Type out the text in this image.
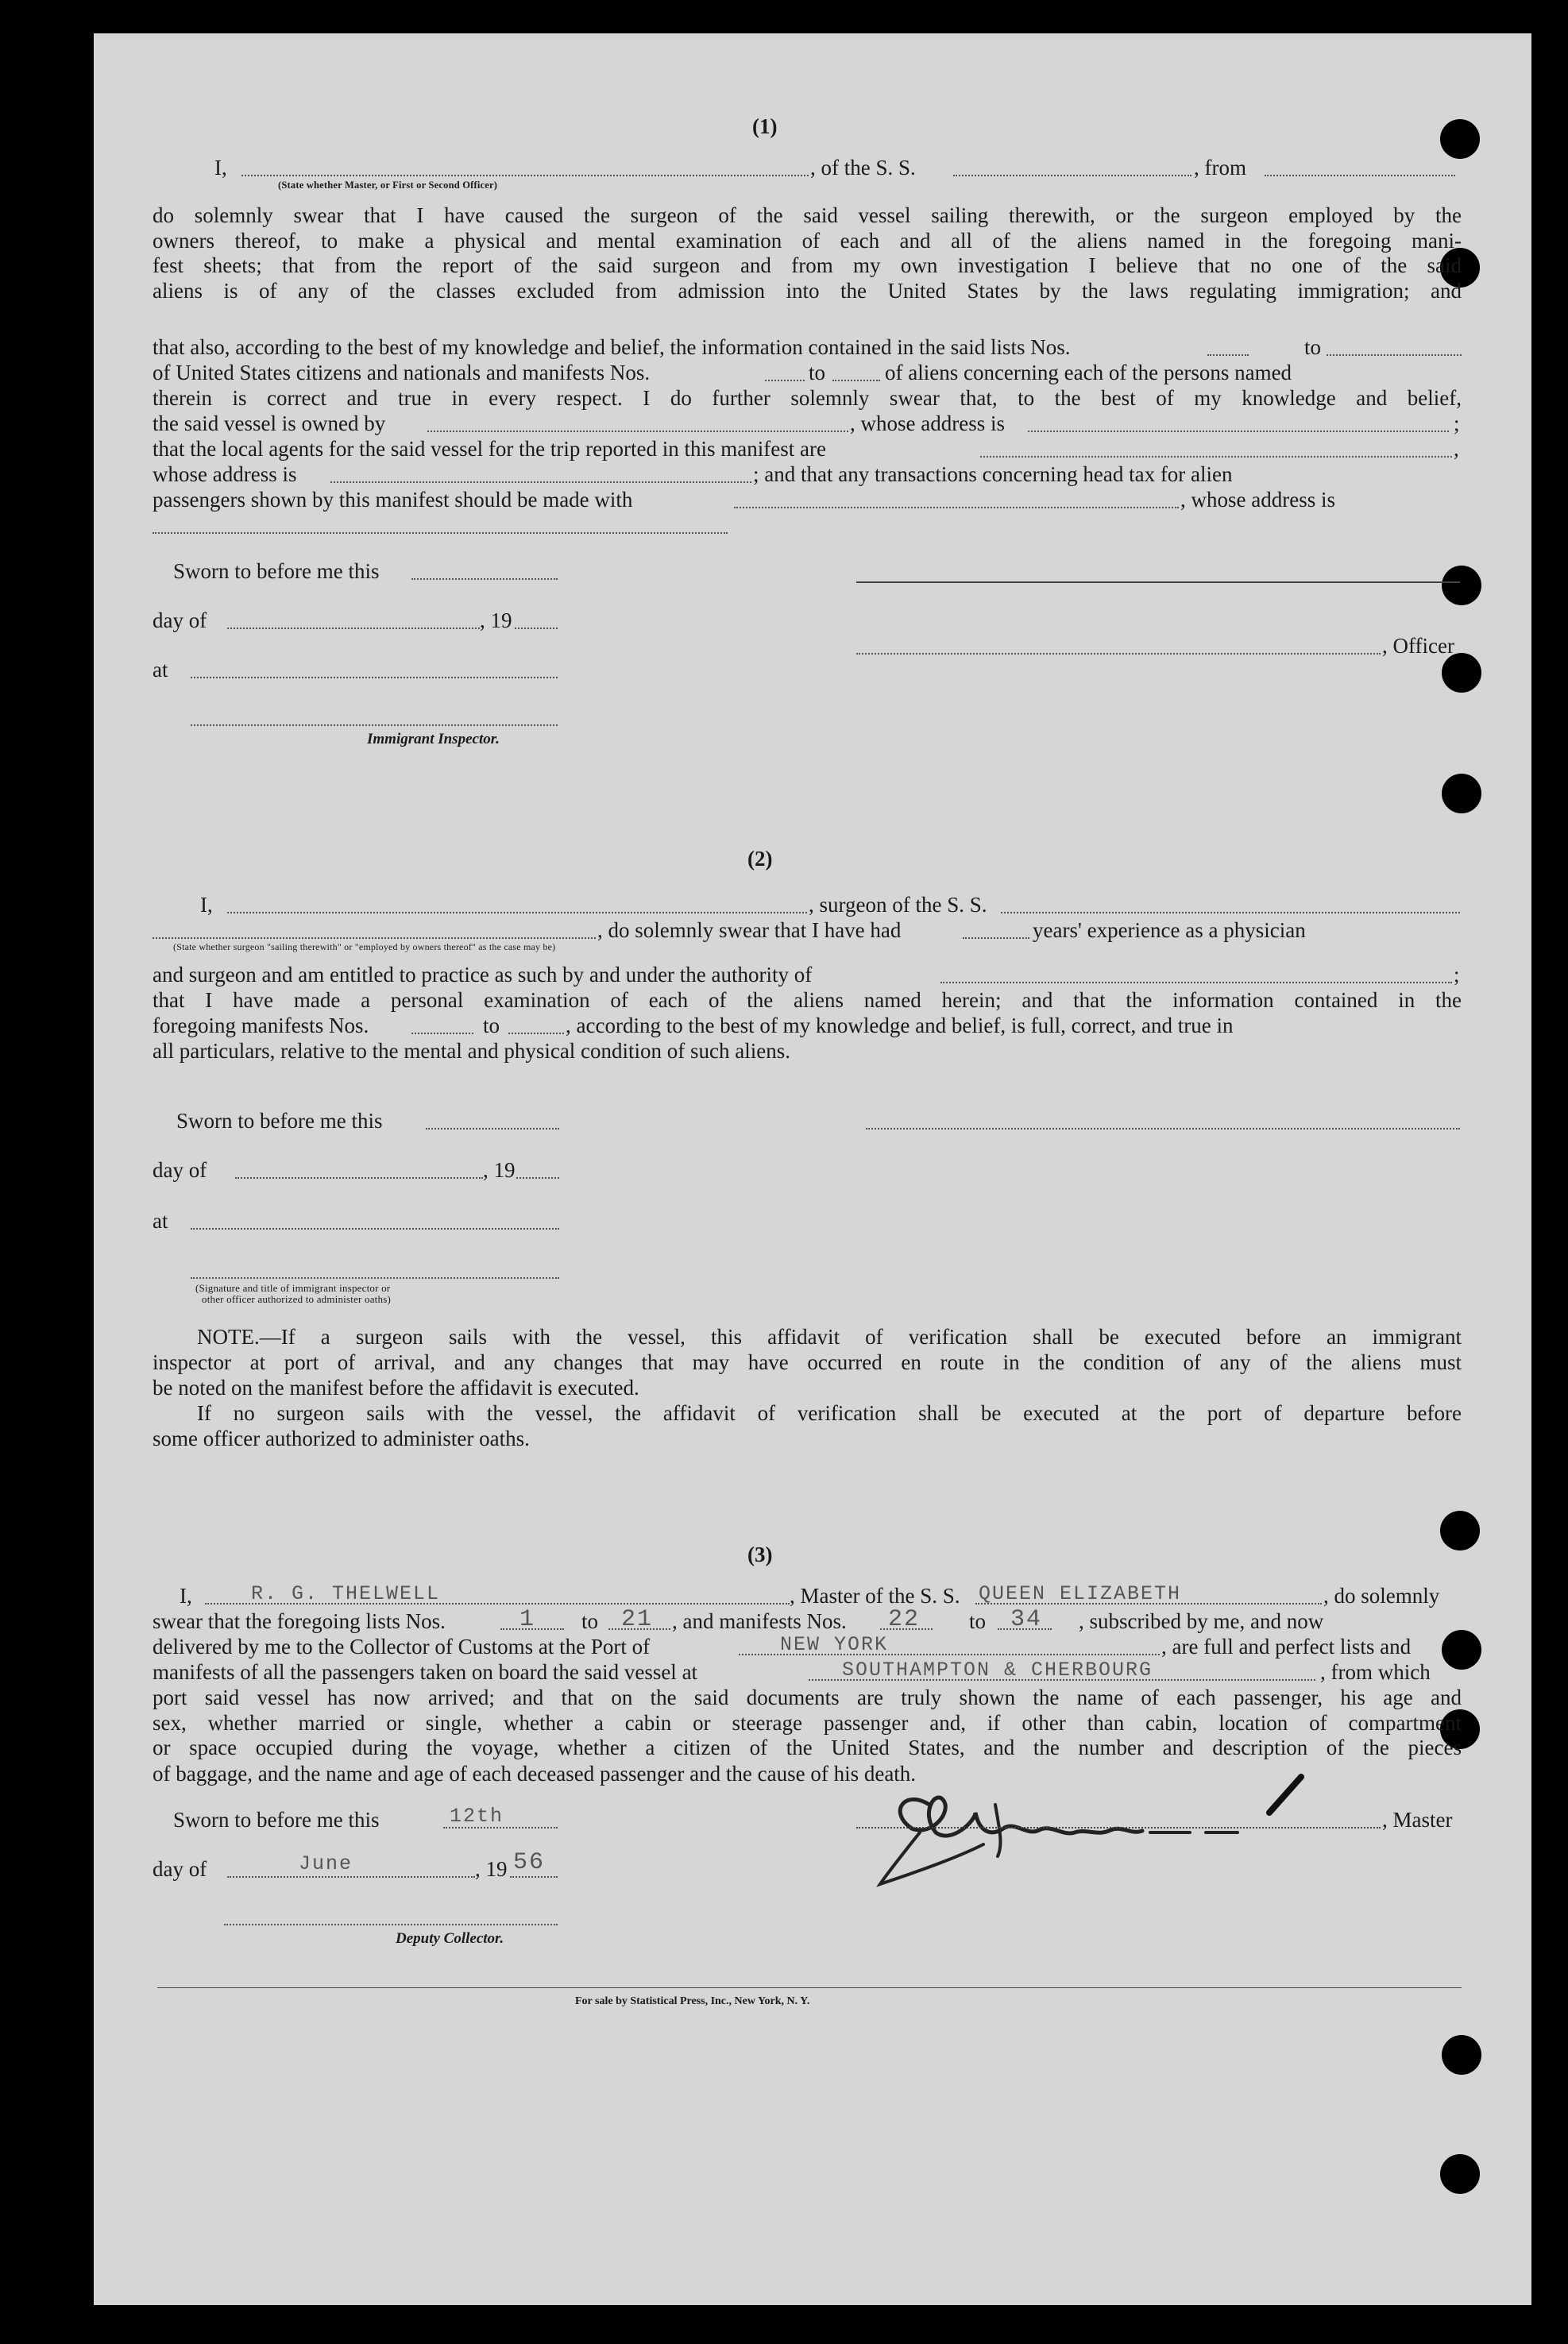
(1)
I,	, of the S. S.	, from
(State whether Master, or First or Second Officer)
do solemnly swear that I have caused the surgeon of the said vessel sailing therewith, or the surgeon employed by the
owners thereof, to make a physical and mental examination of each and all of the aliens named in the foregoing mani-
fest sheets; that from the report of the said surgeon and from my own investigation I believe that no one of the said
aliens is of any of the classes excluded from admission into the United States by the laws regulating immigration; and
that also, according to the best of my knowledge and belief, the information contained in the said lists Nos.	to
of United States citizens and nationals and manifests Nos.	to	of aliens concerning each of the persons named
therein is correct and true in every respect. I do further solemnly swear that, to the best of my knowledge and belief,
the said vessel is owned by	, whose address is	;
that the local agents for the said vessel for the trip reported in this manifest are	,
whose address is	; and that any transactions concerning head tax for alien
passengers shown by this manifest should be made with	, whose address is
Sworn to before me this
day of	, 19
, Officer
at
Immigrant Inspector.
(2)
I,	, surgeon of the S. S.
, do solemnly swear that I have had	years' experience as a physician
(State whether surgeon "sailing therewith" or "employed by owners thereof" as the case may be)
and surgeon and am entitled to practice as such by and under the authority of	;
that I have made a personal examination of each of the aliens named herein; and that the information contained in the
foregoing manifests Nos.	to	, according to the best of my knowledge and belief, is full, correct, and true in
all particulars, relative to the mental and physical condition of such aliens.
Sworn to before me this
day of	, 19
at
(Signature and title of immigrant inspector or
other officer authorized to administer oaths)
NOTE.—If a surgeon sails with the vessel, this affidavit of verification shall be executed before an immigrant
inspector at port of arrival, and any changes that may have occurred en route in the condition of any of the aliens must
be noted on the manifest before the affidavit is executed.
If no surgeon sails with the vessel, the affidavit of verification shall be executed at the port of departure before
some officer authorized to administer oaths.
(3)
I,	R. G. THELWELL	, Master of the S. S. QUEEN ELIZABETH	, do solemnly
swear that the foregoing lists Nos.	1 to 21 , and manifests Nos. 22 to 34 , subscribed by me, and now
delivered by me to the Collector of Customs at the Port of	NEW YORK	, are full and perfect lists and
manifests of all the passengers taken on board the said vessel at	SOUTHAMPTON & CHERBOURG	, from which
port said vessel has now arrived; and that on the said documents are truly shown the name of each passenger, his age and
sex, whether married or single, whether a cabin or steerage passenger and, if other than cabin, location of compartment
or space occupied during the voyage, whether a citizen of the United States, and the number and description of the pieces
of baggage, and the name and age of each deceased passenger and the cause of his death.
Sworn to before me this	12th	, Master
day of	June	, 19 56
Deputy Collector.
For sale by Statistical Press, Inc., New York, N. Y.
